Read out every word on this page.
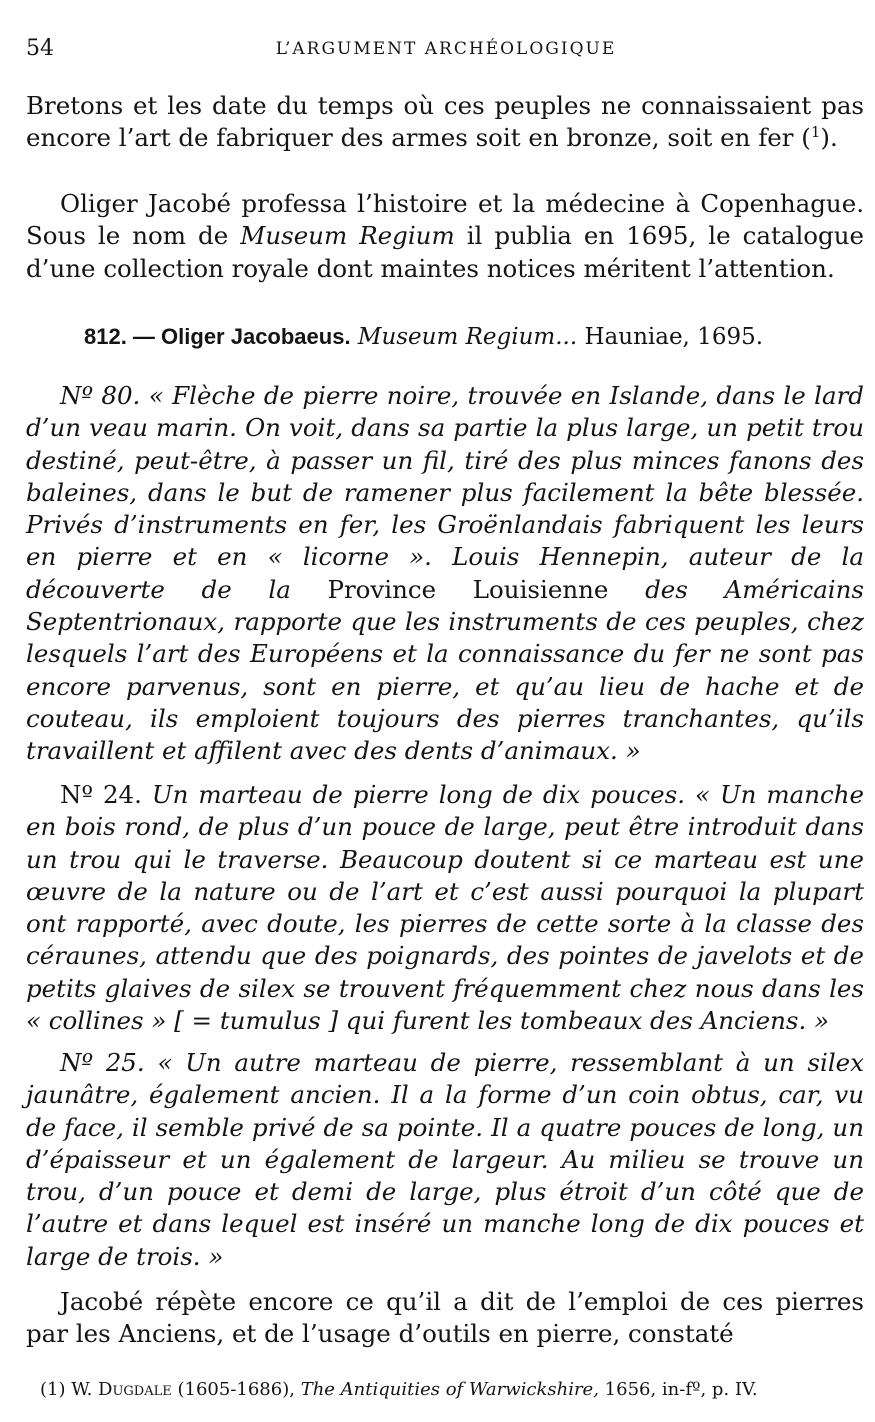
54	L’ARGUMENT ARCHÉOLOGIQUE

Bretons et les date du temps où ces peuples ne connaissaient pas encore l’art de fabriquer des armes soit en bronze, soit en fer ($^1$).

Oliger Jacobé professa l’histoire et la médecine à Copenhague. Sous le nom de Museum Regium il publia en 1695, le catalogue d’une collection royale dont maintes notices méritent l’attention.

812. — Oliger Jacobaeus. Museum Regium... Hauniae, 1695.

Nº 80. « Flèche de pierre noire, trouvée en Islande, dans le lard d’un veau marin. On voit, dans sa partie la plus large, un petit trou destiné, peut-être, à passer un fil, tiré des plus minces fanons des baleines, dans le but de ramener plus facilement la bête blessée. Privés d’instruments en fer, les Groënlandais fabriquent les leurs en pierre et en « licorne ». Louis Hennepin, auteur de la découverte de la Province Louisienne des Américains Septentrionaux, rapporte que les instruments de ces peuples, chez lesquels l’art des Européens et la connaissance du fer ne sont pas encore parvenus, sont en pierre, et qu’au lieu de hache et de couteau, ils emploient toujours des pierres tranchantes, qu’ils travaillent et affilent avec des dents d’animaux. »

Nº 24. Un marteau de pierre long de dix pouces. « Un manche en bois rond, de plus d’un pouce de large, peut être introduit dans un trou qui le traverse. Beaucoup doutent si ce marteau est une œuvre de la nature ou de l’art et c’est aussi pourquoi la plupart ont rapporté, avec doute, les pierres de cette sorte à la classe des céraunes, attendu que des poignards, des pointes de javelots et de petits glaives de silex se trouvent fréquemment chez nous dans les « collines » [ = tumulus ] qui furent les tombeaux des Anciens. »

Nº 25. « Un autre marteau de pierre, ressemblant à un silex jaunâtre, également ancien. Il a la forme d’un coin obtus, car, vu de face, il semble privé de sa pointe. Il a quatre pouces de long, un d’épaisseur et un également de largeur. Au milieu se trouve un trou, d’un pouce et demi de large, plus étroit d’un côté que de l’autre et dans lequel est inséré un manche long de dix pouces et large de trois. »

Jacobé répète encore ce qu’il a dit de l’emploi de ces pierres par les Anciens, et de l’usage d’outils en pierre, constaté

(1) W. Dugdale (1605-1686), The Antiquities of Warwickshire, 1656, in-fº, p. IV.
